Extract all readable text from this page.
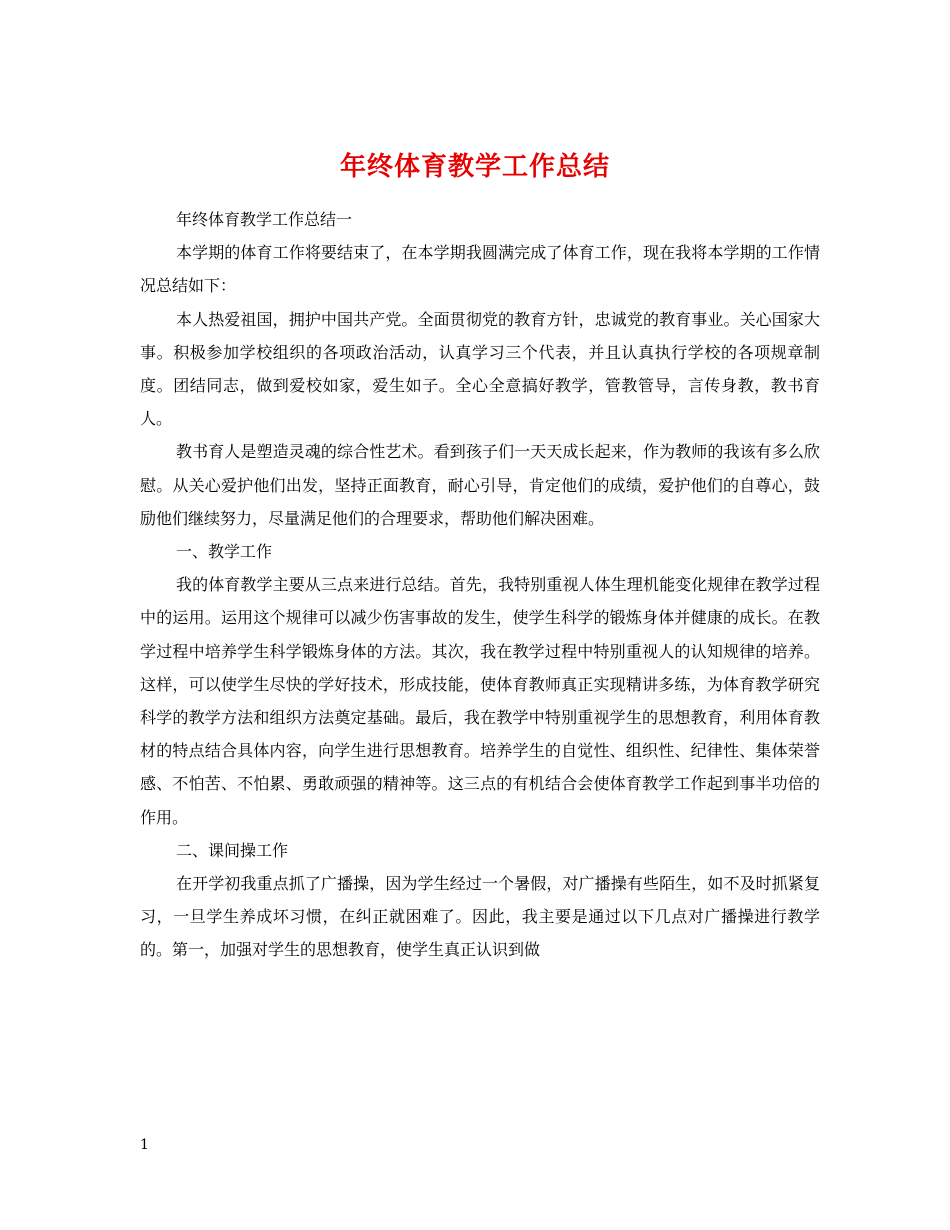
年终体育教学工作总结

年终体育教学工作总结一

本学期的体育工作将要结束了，在本学期我圆满完成了体育工作，现在我将本学期的工作情况总结如下：

本人热爱祖国，拥护中国共产党。全面贯彻党的教育方针，忠诚党的教育事业。关心国家大事。积极参加学校组织的各项政治活动，认真学习三个代表，并且认真执行学校的各项规章制度。团结同志，做到爱校如家，爱生如子。全心全意搞好教学，管教管导，言传身教，教书育人。

教书育人是塑造灵魂的综合性艺术。看到孩子们一天天成长起来，作为教师的我该有多么欣慰。从关心爱护他们出发，坚持正面教育，耐心引导，肯定他们的成绩，爱护他们的自尊心，鼓励他们继续努力，尽量满足他们的合理要求，帮助他们解决困难。

一、教学工作

我的体育教学主要从三点来进行总结。首先，我特别重视人体生理机能变化规律在教学过程中的运用。运用这个规律可以减少伤害事故的发生，使学生科学的锻炼身体并健康的成长。在教学过程中培养学生科学锻炼身体的方法。其次，我在教学过程中特别重视人的认知规律的培养。这样，可以使学生尽快的学好技术，形成技能，使体育教师真正实现精讲多练，为体育教学研究科学的教学方法和组织方法奠定基础。最后，我在教学中特别重视学生的思想教育，利用体育教材的特点结合具体内容，向学生进行思想教育。培养学生的自觉性、组织性、纪律性、集体荣誉感、不怕苦、不怕累、勇敢顽强的精神等。这三点的有机结合会使体育教学工作起到事半功倍的作用。

二、课间操工作

在开学初我重点抓了广播操，因为学生经过一个暑假，对广播操有些陌生，如不及时抓紧复习，一旦学生养成坏习惯，在纠正就困难了。因此，我主要是通过以下几点对广播操进行教学的。第一，加强对学生的思想教育，使学生真正认识到做

1
